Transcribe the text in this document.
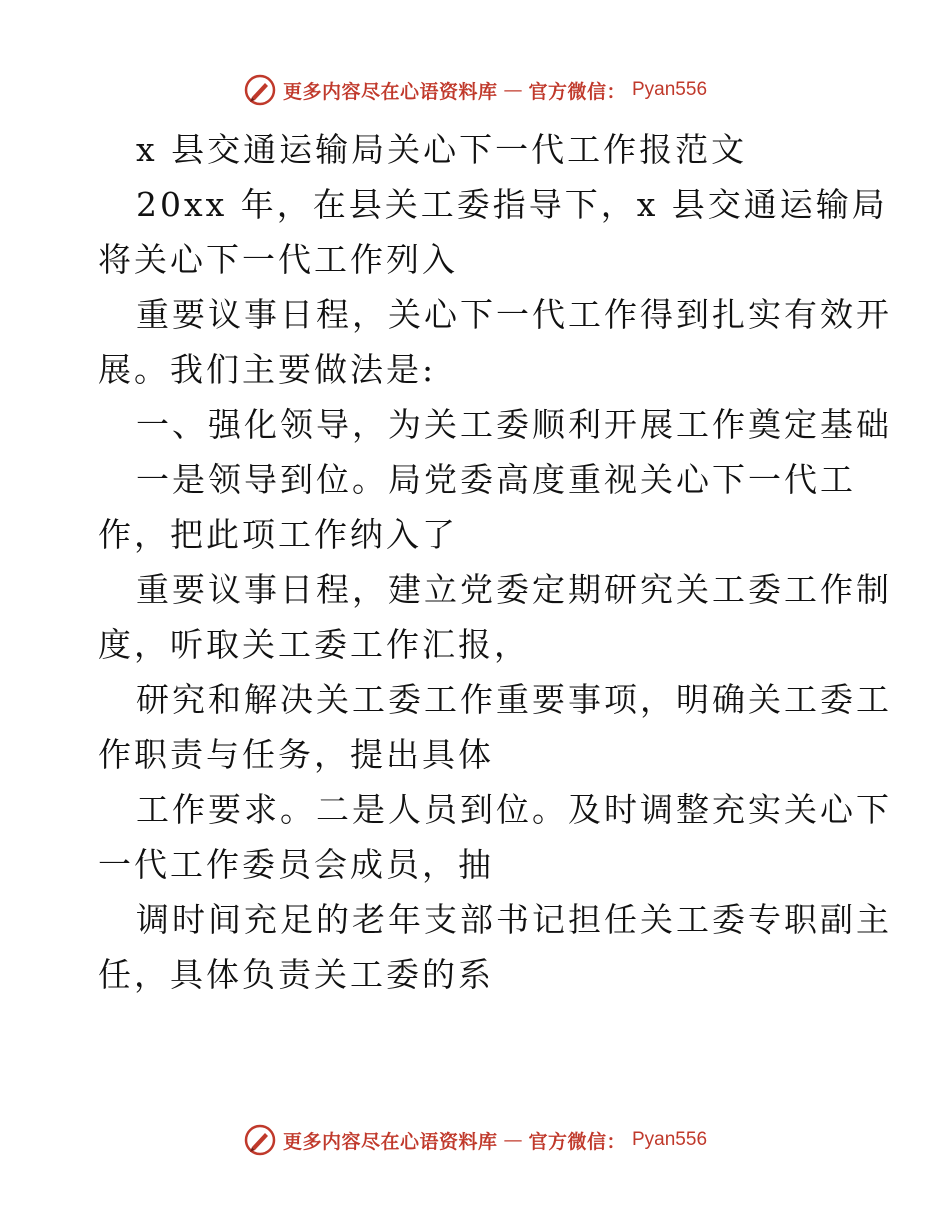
更多内容尽在心语资料库 — 官方微信： Pyan556
x 县交通运输局关心下一代工作报范文
20xx 年，在县关工委指导下，x 县交通运输局
将关心下一代工作列入
重要议事日程，关心下一代工作得到扎实有效开
展。我们主要做法是:
一、强化领导，为关工委顺利开展工作奠定基础
一是领导到位。局党委高度重视关心下一代工
作，把此项工作纳入了
重要议事日程，建立党委定期研究关工委工作制
度，听取关工委工作汇报，
研究和解决关工委工作重要事项，明确关工委工
作职责与任务，提出具体
工作要求。二是人员到位。及时调整充实关心下
一代工作委员会成员，抽
调时间充足的老年支部书记担任关工委专职副主
任，具体负责关工委的系
更多内容尽在心语资料库 — 官方微信： Pyan556
